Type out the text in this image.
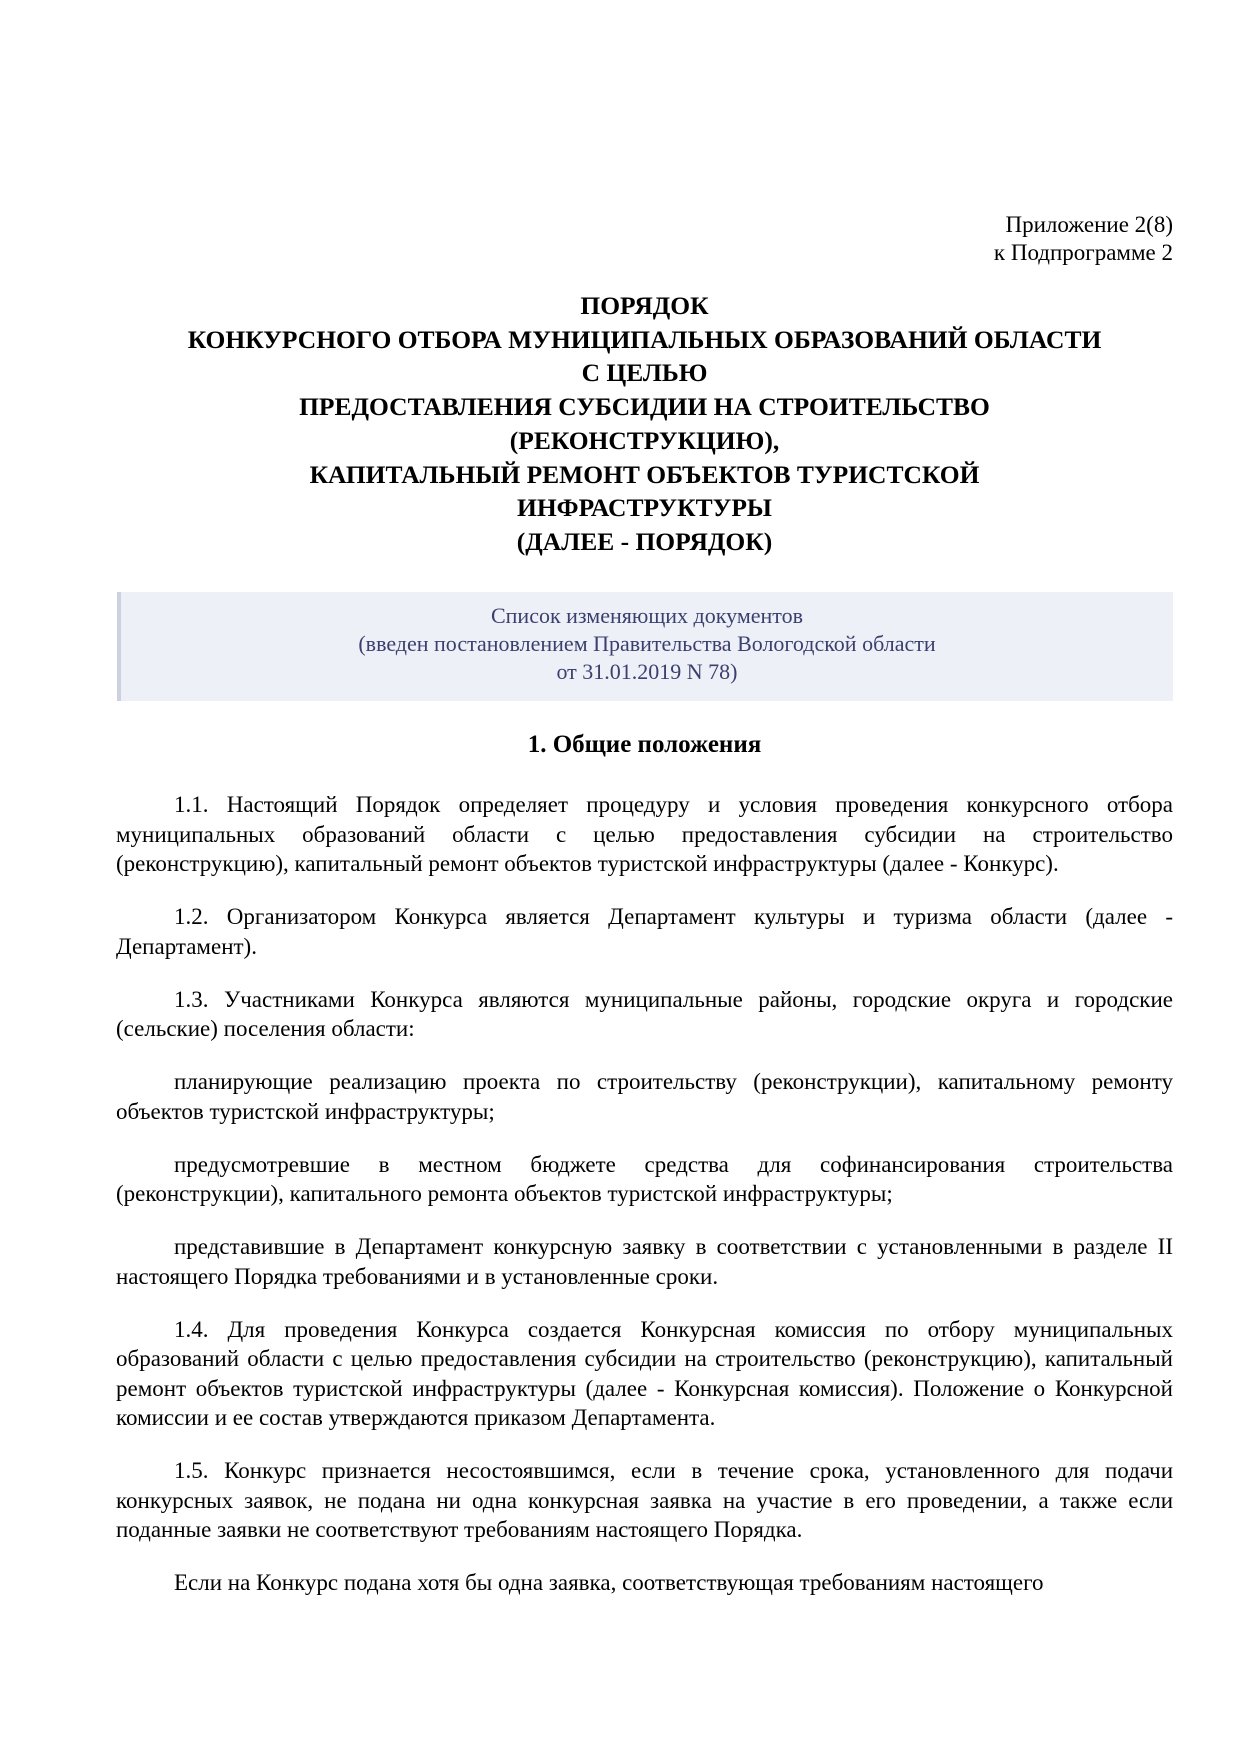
Приложение 2(8)
к Подпрограмме 2
ПОРЯДОК
КОНКУРСНОГО ОТБОРА МУНИЦИПАЛЬНЫХ ОБРАЗОВАНИЙ ОБЛАСТИ
С ЦЕЛЬЮ
ПРЕДОСТАВЛЕНИЯ СУБСИДИИ НА СТРОИТЕЛЬСТВО
(РЕКОНСТРУКЦИЮ),
КАПИТАЛЬНЫЙ РЕМОНТ ОБЪЕКТОВ ТУРИСТСКОЙ
ИНФРАСТРУКТУРЫ
(ДАЛЕЕ - ПОРЯДОК)
Список изменяющих документов
(введен постановлением Правительства Вологодской области
от 31.01.2019 N 78)
1. Общие положения

1.1. Настоящий Порядок определяет процедуру и условия проведения конкурсного отбора муниципальных образований области с целью предоставления субсидии на строительство (реконструкцию), капитальный ремонт объектов туристской инфраструктуры (далее - Конкурс).

1.2. Организатором Конкурса является Департамент культуры и туризма области (далее - Департамент).

1.3. Участниками Конкурса являются муниципальные районы, городские округа и городские (сельские) поселения области:

планирующие реализацию проекта по строительству (реконструкции), капитальному ремонту объектов туристской инфраструктуры;

предусмотревшие в местном бюджете средства для софинансирования строительства (реконструкции), капитального ремонта объектов туристской инфраструктуры;

представившие в Департамент конкурсную заявку в соответствии с установленными в разделе II настоящего Порядка требованиями и в установленные сроки.

1.4. Для проведения Конкурса создается Конкурсная комиссия по отбору муниципальных образований области с целью предоставления субсидии на строительство (реконструкцию), капитальный ремонт объектов туристской инфраструктуры (далее - Конкурсная комиссия). Положение о Конкурсной комиссии и ее состав утверждаются приказом Департамента.

1.5. Конкурс признается несостоявшимся, если в течение срока, установленного для подачи конкурсных заявок, не подана ни одна конкурсная заявка на участие в его проведении, а также если поданные заявки не соответствуют требованиям настоящего Порядка.

Если на Конкурс подана хотя бы одна заявка, соответствующая требованиям настоящего
